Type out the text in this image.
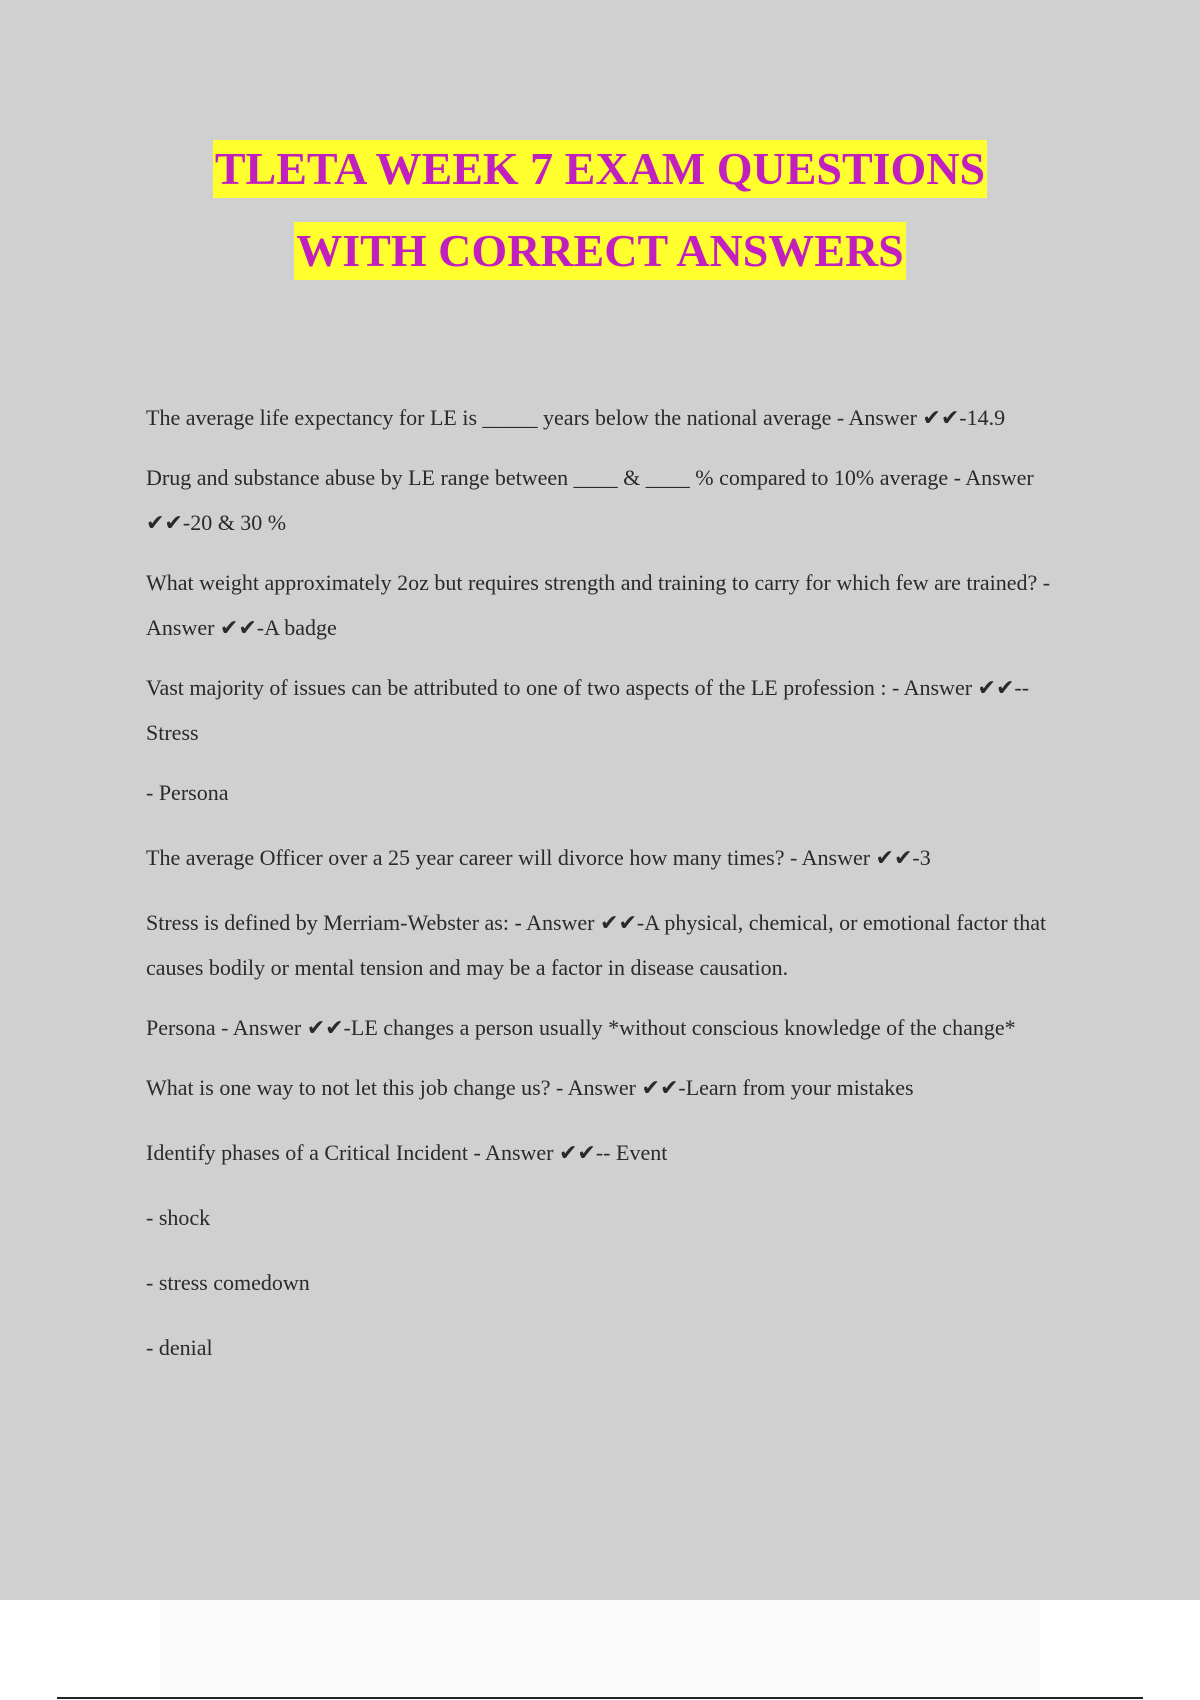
TLETA WEEK 7 EXAM QUESTIONS
WITH CORRECT ANSWERS

The average life expectancy for LE is _____ years below the national average - Answer ✔✔-14.9

Drug and substance abuse by LE range between ____ & ____ % compared to 10% average - Answer ✔✔-20 & 30 %

What weight approximately 2oz but requires strength and training to carry for which few are trained? - Answer ✔✔-A badge

Vast majority of issues can be attributed to one of two aspects of the LE profession : - Answer ✔✔-- Stress

- Persona

The average Officer over a 25 year career will divorce how many times? - Answer ✔✔-3

Stress is defined by Merriam-Webster as: - Answer ✔✔-A physical, chemical, or emotional factor that causes bodily or mental tension and may be a factor in disease causation.

Persona - Answer ✔✔-LE changes a person usually *without conscious knowledge of the change*

What is one way to not let this job change us? - Answer ✔✔-Learn from your mistakes

Identify phases of a Critical Incident - Answer ✔✔-- Event

- shock

- stress comedown

- denial
